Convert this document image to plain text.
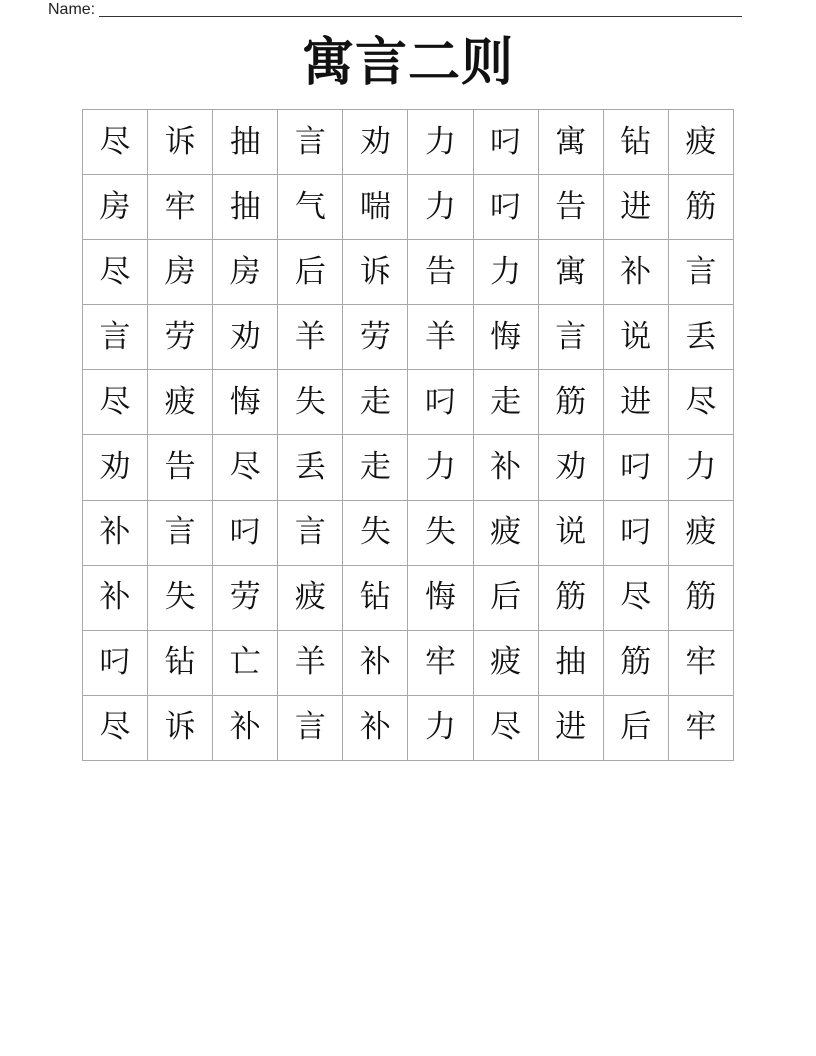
Name:
寓言二则
尽	诉	抽	言	劝	力	叼	寓	钻	疲
房	牢	抽	气	喘	力	叼	告	进	筋
尽	房	房	后	诉	告	力	寓	补	言
言	劳	劝	羊	劳	羊	悔	言	说	丢
尽	疲	悔	失	走	叼	走	筋	进	尽
劝	告	尽	丢	走	力	补	劝	叼	力
补	言	叼	言	失	失	疲	说	叼	疲
补	失	劳	疲	钻	悔	后	筋	尽	筋
叼	钻	亡	羊	补	牢	疲	抽	筋	牢
尽	诉	补	言	补	力	尽	进	后	牢
